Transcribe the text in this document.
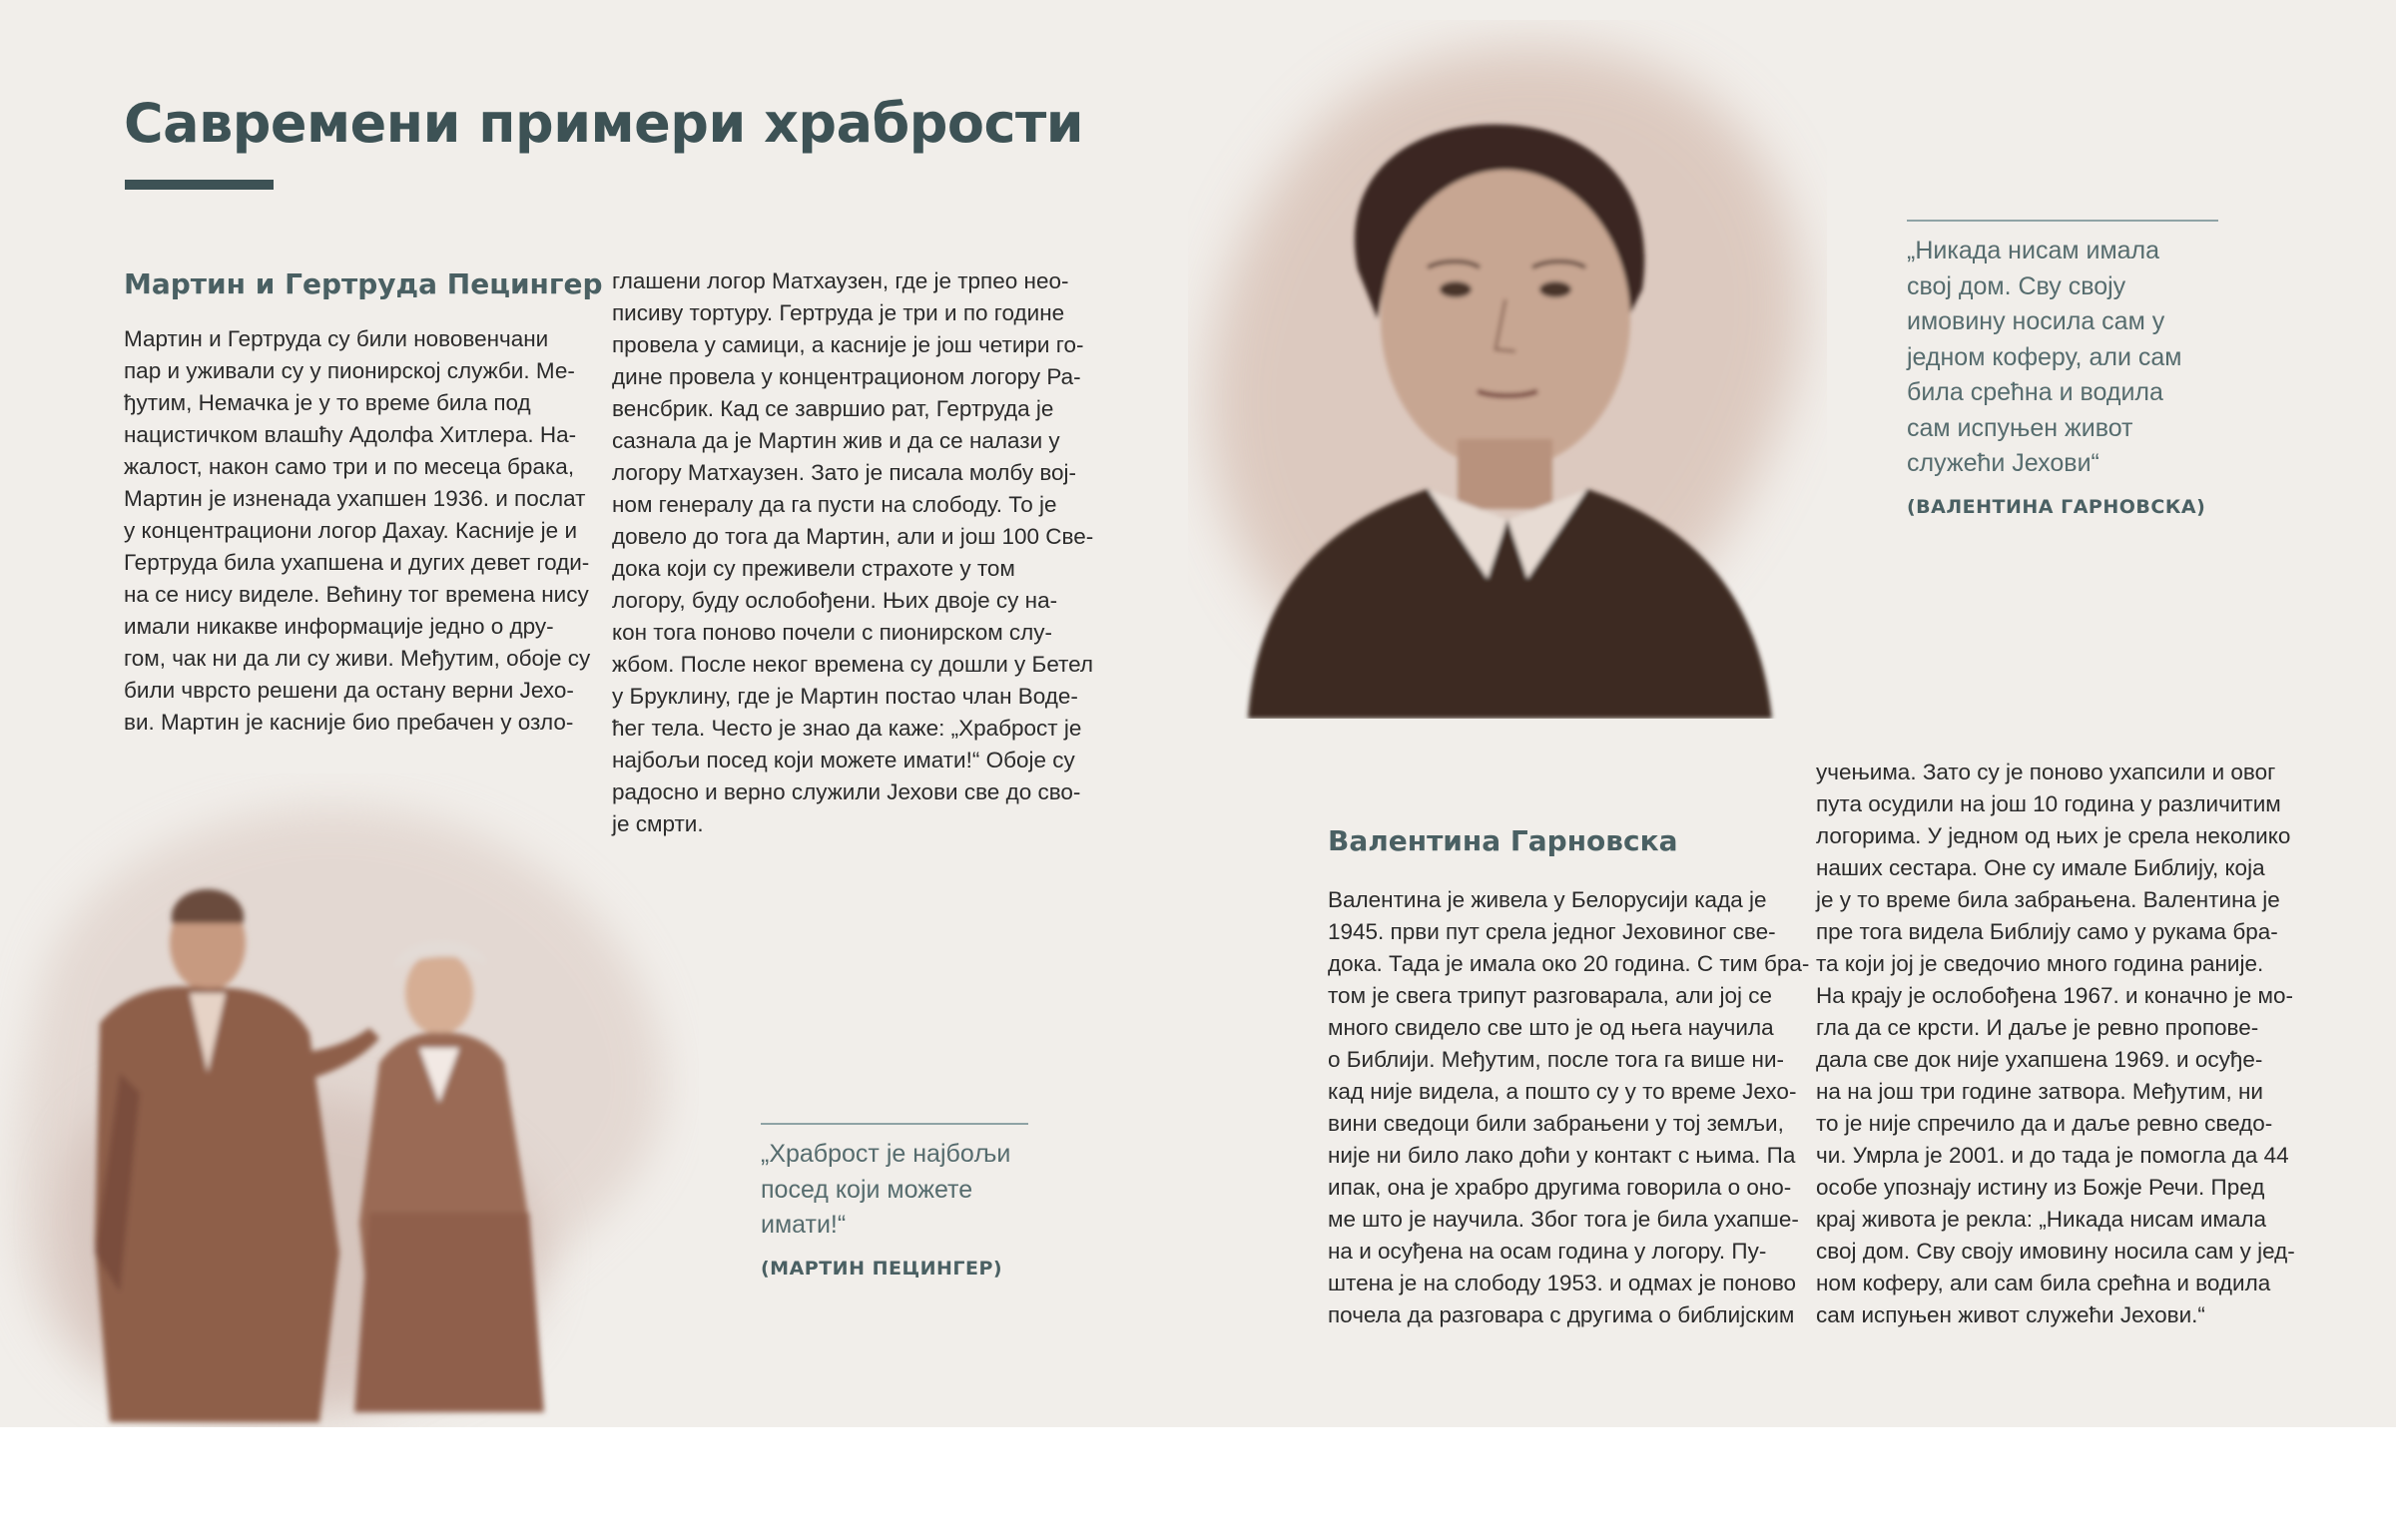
Савремени примери храбрости
Мартин и Гертруда Пецингер
Мартин и Гертруда су били нововенчани
пар и уживали су у пионирској служби. Ме-
ђутим, Немачка је у то време била под
нацистичком влашћу Адолфа Хитлера. На-
жалост, након само три и по месеца брака,
Мартин је изненада ухапшен 1936. и послат
у концентрациони логор Дахау. Касније је и
Гертруда била ухапшена и дугих девет годи-
на се нису виделе. Већину тог времена нису
имали никакве информације једно о дру-
гом, чак ни да ли су живи. Међутим, обоје су
били чврсто решени да остану верни Јехо-
ви. Мартин је касније био пребачен у озло-
глашени логор Матхаузен, где је трпео нео-
писиву тортуру. Гертруда је три и по године
провела у самици, а касније је још четири го-
дине провела у концентрационом логору Ра-
венсбрик. Кад се завршио рат, Гертруда је
сазнала да је Мартин жив и да се налази у
логору Матхаузен. Зато је писала молбу вој-
ном генералу да га пусти на слободу. То је
довело до тога да Мартин, али и још 100 Све-
дока који су преживели страхоте у том
логору, буду ослобођени. Њих двоје су на-
кон тога поново почели с пионирском слу-
жбом. После неког времена су дошли у Бетел
у Бруклину, где је Мартин постао члан Воде-
ћег тела. Често је знао да каже: „Храброст је
најбољи посед који можете имати!“ Обоје су
радосно и верно служили Јехови све до сво-
је смрти.
„Храброст је најбољи
посед који можете
имати!“
(МАРТИН ПЕЦИНГЕР)
„Никада нисам имала
свој дом. Сву своју
имовину носила сам у
једном коферу, али сам
била срећна и водила
сам испуњен живот
служећи Јехови“
(ВАЛЕНТИНА ГАРНОВСКА)
Валентина Гарновска
Валентина је живела у Белорусији када је
1945. први пут срела једног Јеховиног све-
дока. Тада је имала око 20 година. С тим бра-
том је свега трипут разговарала, али јој се
много свидело све што је од њега научила
о Библији. Међутим, после тога га више ни-
кад није видела, а пошто су у то време Јехо-
вини сведоци били забрањени у тој земљи,
није ни било лако доћи у контакт с њима. Па
ипак, она је храбро другима говорила о оно-
ме што је научила. Због тога је била ухапше-
на и осуђена на осам година у логору. Пу-
штена је на слободу 1953. и одмах је поново
почела да разговара с другима о библијским
учењима. Зато су је поново ухапсили и овог
пута осудили на још 10 година у различитим
логорима. У једном од њих је срела неколико
наших сестара. Оне су имале Библију, која
је у то време била забрањена. Валентина је
пре тога видела Библију само у рукама бра-
та који јој је сведочио много година раније.
На крају је ослобођена 1967. и коначно је мо-
гла да се крсти. И даље је ревно пропове-
дала све док није ухапшена 1969. и осуђе-
на на још три године затвора. Међутим, ни
то је није спречило да и даље ревно сведо-
чи. Умрла је 2001. и до тада је помогла да 44
особе упознају истину из Божје Речи. Пред
крај живота је рекла: „Никада нисам имала
свој дом. Сву своју имовину носила сам у јед-
ном коферу, али сам била срећна и водила
сам испуњен живот служећи Јехови.“
